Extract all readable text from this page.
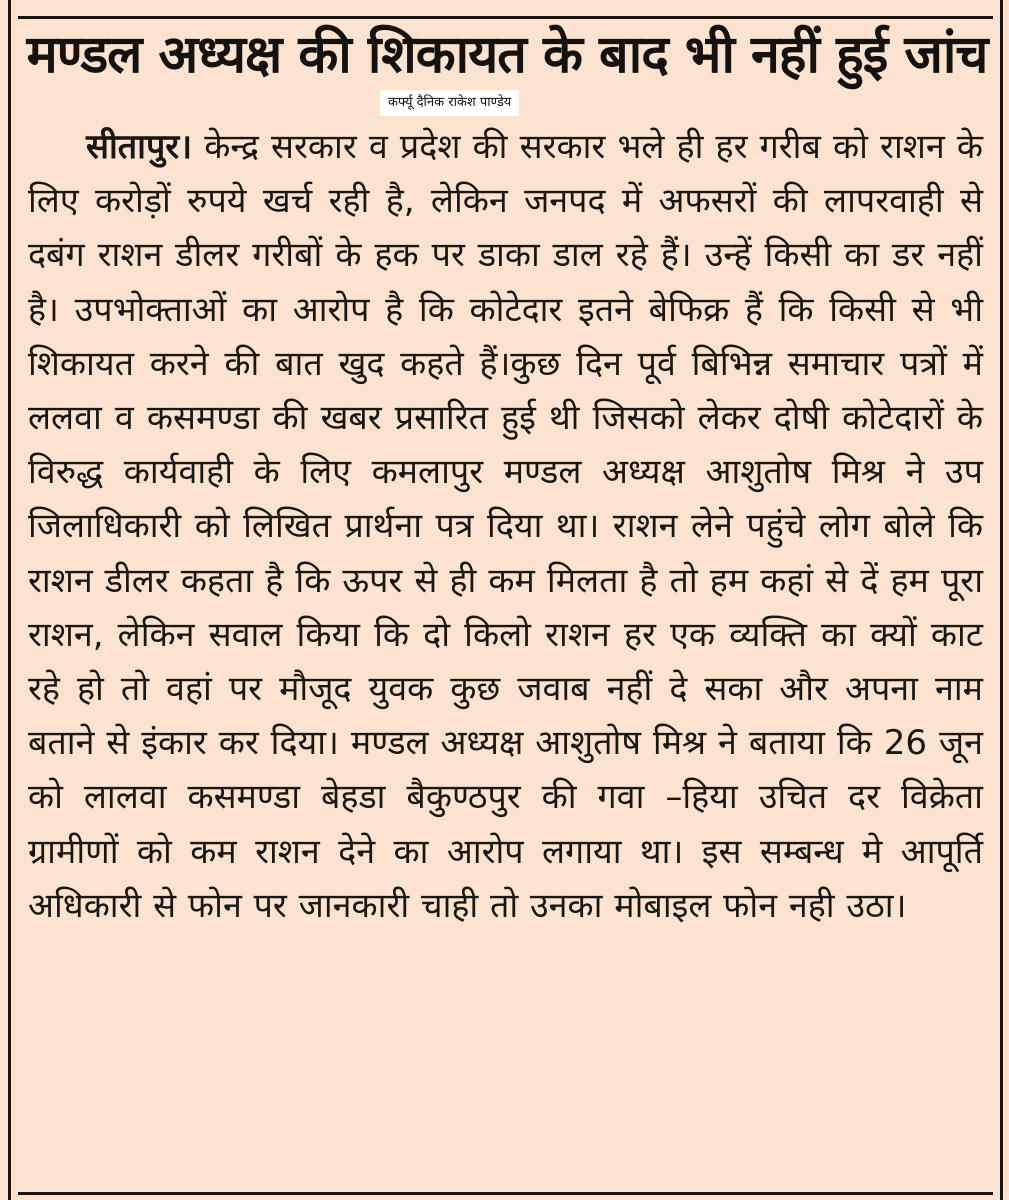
मण्डल अध्यक्ष की शिकायत के बाद भी नहीं हुई जांच
कर्फ्यू दैनिक राकेश पाण्डेय

सीतापुर। केन्द्र सरकार व प्रदेश की सरकार भले ही हर गरीब को राशन के लिए करोड़ों रुपये खर्च रही है, लेकिन जनपद में अफसरों की लापरवाही से दबंग राशन डीलर गरीबों के हक पर डाका डाल रहे हैं। उन्हें किसी का डर नहीं है। उपभोक्ताओं का आरोप है कि कोटेदार इतने बेफिक्र हैं कि किसी से भी शिकायत करने की बात खुद कहते हैं।कुछ दिन पूर्व बिभिन्न समाचार पत्रों में ललवा व कसमण्डा की खबर प्रसारित हुई थी जिसको लेकर दोषी कोटेदारों के विरुद्ध कार्यवाही के लिए कमलापुर मण्डल अध्यक्ष आशुतोष मिश्र ने उप जिलाधिकारी को लिखित प्रार्थना पत्र दिया था। राशन लेने पहुंचे लोग बोले कि राशन डीलर कहता है कि ऊपर से ही कम मिलता है तो हम कहां से दें हम पूरा राशन, लेकिन सवाल किया कि दो किलो राशन हर एक व्यक्ति का क्यों काट रहे हो तो वहां पर मौजूद युवक कुछ जवाब नहीं दे सका और अपना नाम बताने से इंकार कर दिया। मण्डल अध्यक्ष आशुतोष मिश्र ने बताया कि 26 जून को लालवा कसमण्डा बेहडा बैकुण्ठपुर की गवा –हिया उचित दर विक्रेता ग्रामीणों को कम राशन देने का आरोप लगाया था। इस सम्बन्ध मे आपूर्ति अधिकारी से फोन पर जानकारी चाही तो उनका मोबाइल फोन नही उठा।
